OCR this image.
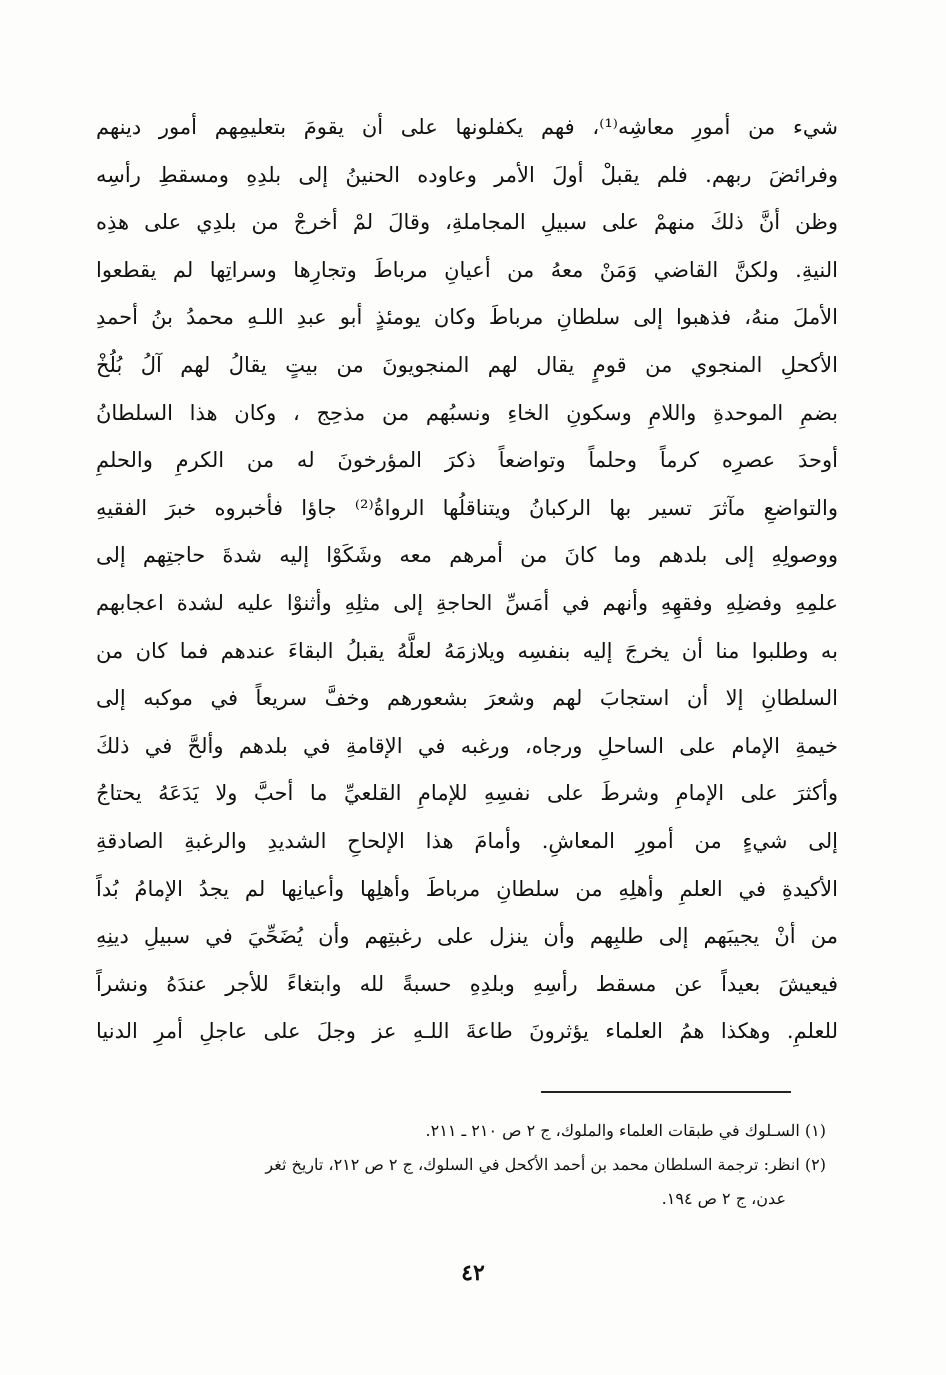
شيء من أمورِ معاشِه⁽¹⁾، فهم يكفلونها على أن يقومَ بتعليمِهم أمور دينهم
وفرائضَ ربهم. فلم يقبلْ أولَ الأمر وعاوده الحنينُ إلى بلدِهِ ومسقطِ رأسِه
وظن أنَّ ذلكَ منهمْ على سبيلِ المجاملةِ، وقالَ لمْ أخرجْ من بلدِي على هذِه
النيةِ. ولكنَّ القاضي وَمَنْ معهُ من أعيانِ مرباطَ وتجارِها وسراتِها لم يقطعوا
الأملَ منهُ، فذهبوا إلى سلطانِ مرباطَ وكان يومئذٍ أبو عبدِ اللـهِ محمدُ بنُ أحمدِ
الأكحلِ المنجوي من قومٍ يقال لهم المنجويونَ من بيتٍ يقالُ لهم آلُ بُلُخْ
بضمِ الموحدةِ واللامِ وسكونِ الخاءِ ونسبُهم من مذحِج ، وكان هذا السلطانُ
أوحدَ عصرِه كرماً وحلماً وتواضعاً ذكرَ المؤرخونَ له من الكرمِ والحلمِ
والتواضعِ مآثرَ تسير بها الركبانُ ويتناقلُها الرواةُ⁽²⁾ جاؤا فأخبروه خبرَ الفقيهِ
ووصولِهِ إلى بلدهم وما كانَ من أمرهم معه وشَكَوْا إليه شدةَ حاجتِهم إلى
علمِهِ وفضلِهِ وفقهِهِ وأنهم في أمَسِّ الحاجةِ إلى مثلِهِ وأثنوْا عليه لشدة اعجابهم
به وطلبوا منا أن يخرجَ إليه بنفسِه ويلازمَهُ لعلَّهُ يقبلُ البقاءَ عندهم فما كان من
السلطانِ إلا أن استجابَ لهم وشعرَ بشعورهم وخفَّ سريعاً في موكبه إلى
خيمةِ الإمام على الساحلِ ورجاه، ورغبه في الإقامةِ في بلدهم وألحَّ في ذلكَ
وأكثرَ على الإمامِ وشرطَ على نفسِهِ للإمامِ القلعيِّ ما أحبَّ ولا يَدَعَهُ يحتاجُ
إلى شيءٍ من أمورِ المعاشِ. وأمامَ هذا الإلحاحِ الشديدِ والرغبةِ الصادقةِ
الأكيدةِ في العلمِ وأهلِهِ من سلطانِ مرباطَ وأهلِها وأعيانِها لم يجدُ الإمامُ بُداً
من أنْ يجيبَهم إلى طلبِهم وأن ينزل على رغبتِهم وأن يُضَحِّيَ في سبيلِ دينِهِ
فيعيشَ بعيداً عن مسقط رأسِهِ وبلدِهِ حسبةً لله وابتغاءً للأجر عندَهُ ونشراً
للعلمِ. وهكذا همُ العلماء يؤثرونَ طاعةَ اللـهِ عز وجلَ على عاجلِ أمرِ الدنيا
(١) السـلوك في طبقات العلماء والملوك، ج ٢ ص ٢١٠ ـ ٢١١.
(٢) انظر: ترجمة السلطان محمد بن أحمد الأكحل في السلوك، ج ٢ ص ٢١٢، تاريخ ثغر
عدن، ج ٢ ص ١٩٤.
٤٢
